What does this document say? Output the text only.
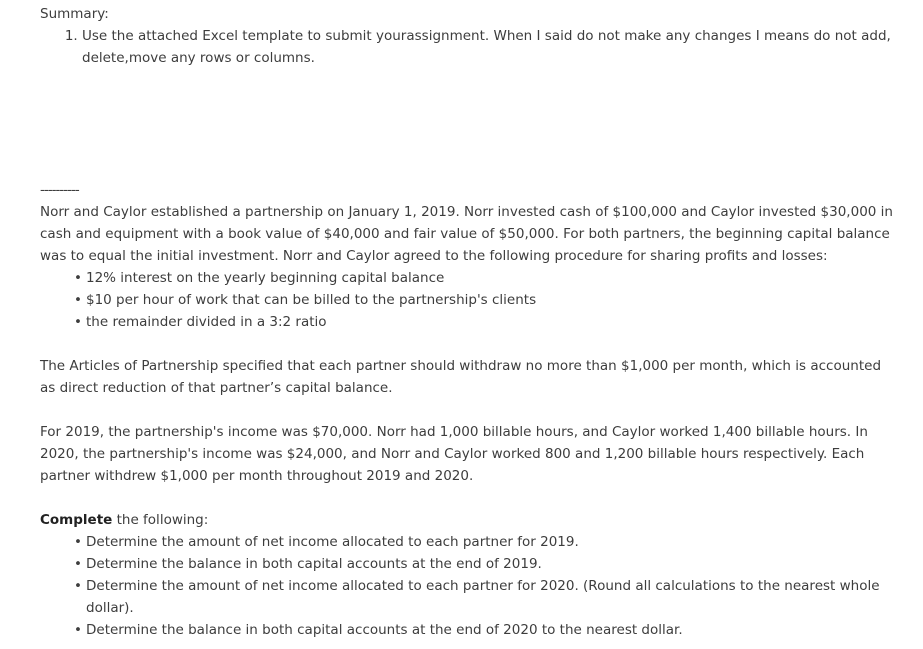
Summary:

1. Use the attached Excel template to submit yourassignment. When I said do not make any changes I means do not add, delete,move any rows or columns.

----------

Norr and Caylor established a partnership on January 1, 2019. Norr invested cash of $100,000 and Caylor invested $30,000 in cash and equipment with a book value of $40,000 and fair value of $50,000. For both partners, the beginning capital balance was to equal the initial investment. Norr and Caylor agreed to the following procedure for sharing profits and losses:

• 12% interest on the yearly beginning capital balance
• $10 per hour of work that can be billed to the partnership's clients
• the remainder divided in a 3:2 ratio

The Articles of Partnership specified that each partner should withdraw no more than $1,000 per month, which is accounted as direct reduction of that partner’s capital balance.

For 2019, the partnership's income was $70,000. Norr had 1,000 billable hours, and Caylor worked 1,400 billable hours. In 2020, the partnership's income was $24,000, and Norr and Caylor worked 800 and 1,200 billable hours respectively. Each partner withdrew $1,000 per month throughout 2019 and 2020.

Complete the following:

• Determine the amount of net income allocated to each partner for 2019.
• Determine the balance in both capital accounts at the end of 2019.
• Determine the amount of net income allocated to each partner for 2020. (Round all calculations to the nearest whole dollar).
• Determine the balance in both capital accounts at the end of 2020 to the nearest dollar.
